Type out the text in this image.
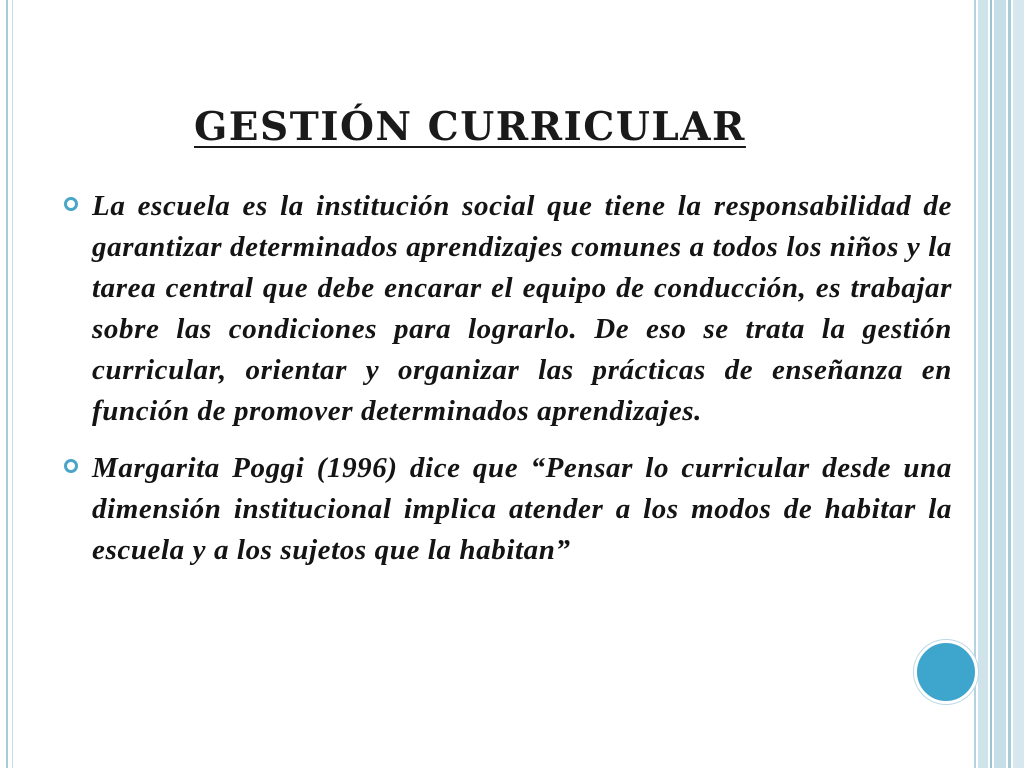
GESTIÓN CURRICULAR
La escuela es la institución social que tiene la responsabilidad de garantizar determinados aprendizajes comunes a todos los niños y la tarea central que debe encarar el equipo de conducción, es trabajar sobre las condiciones para lograrlo. De eso se trata la gestión curricular, orientar y organizar las prácticas de enseñanza en función de promover determinados aprendizajes.
Margarita Poggi (1996) dice que “Pensar lo curricular desde una dimensión institucional implica atender a los modos de habitar la escuela y a los sujetos que la habitan”
